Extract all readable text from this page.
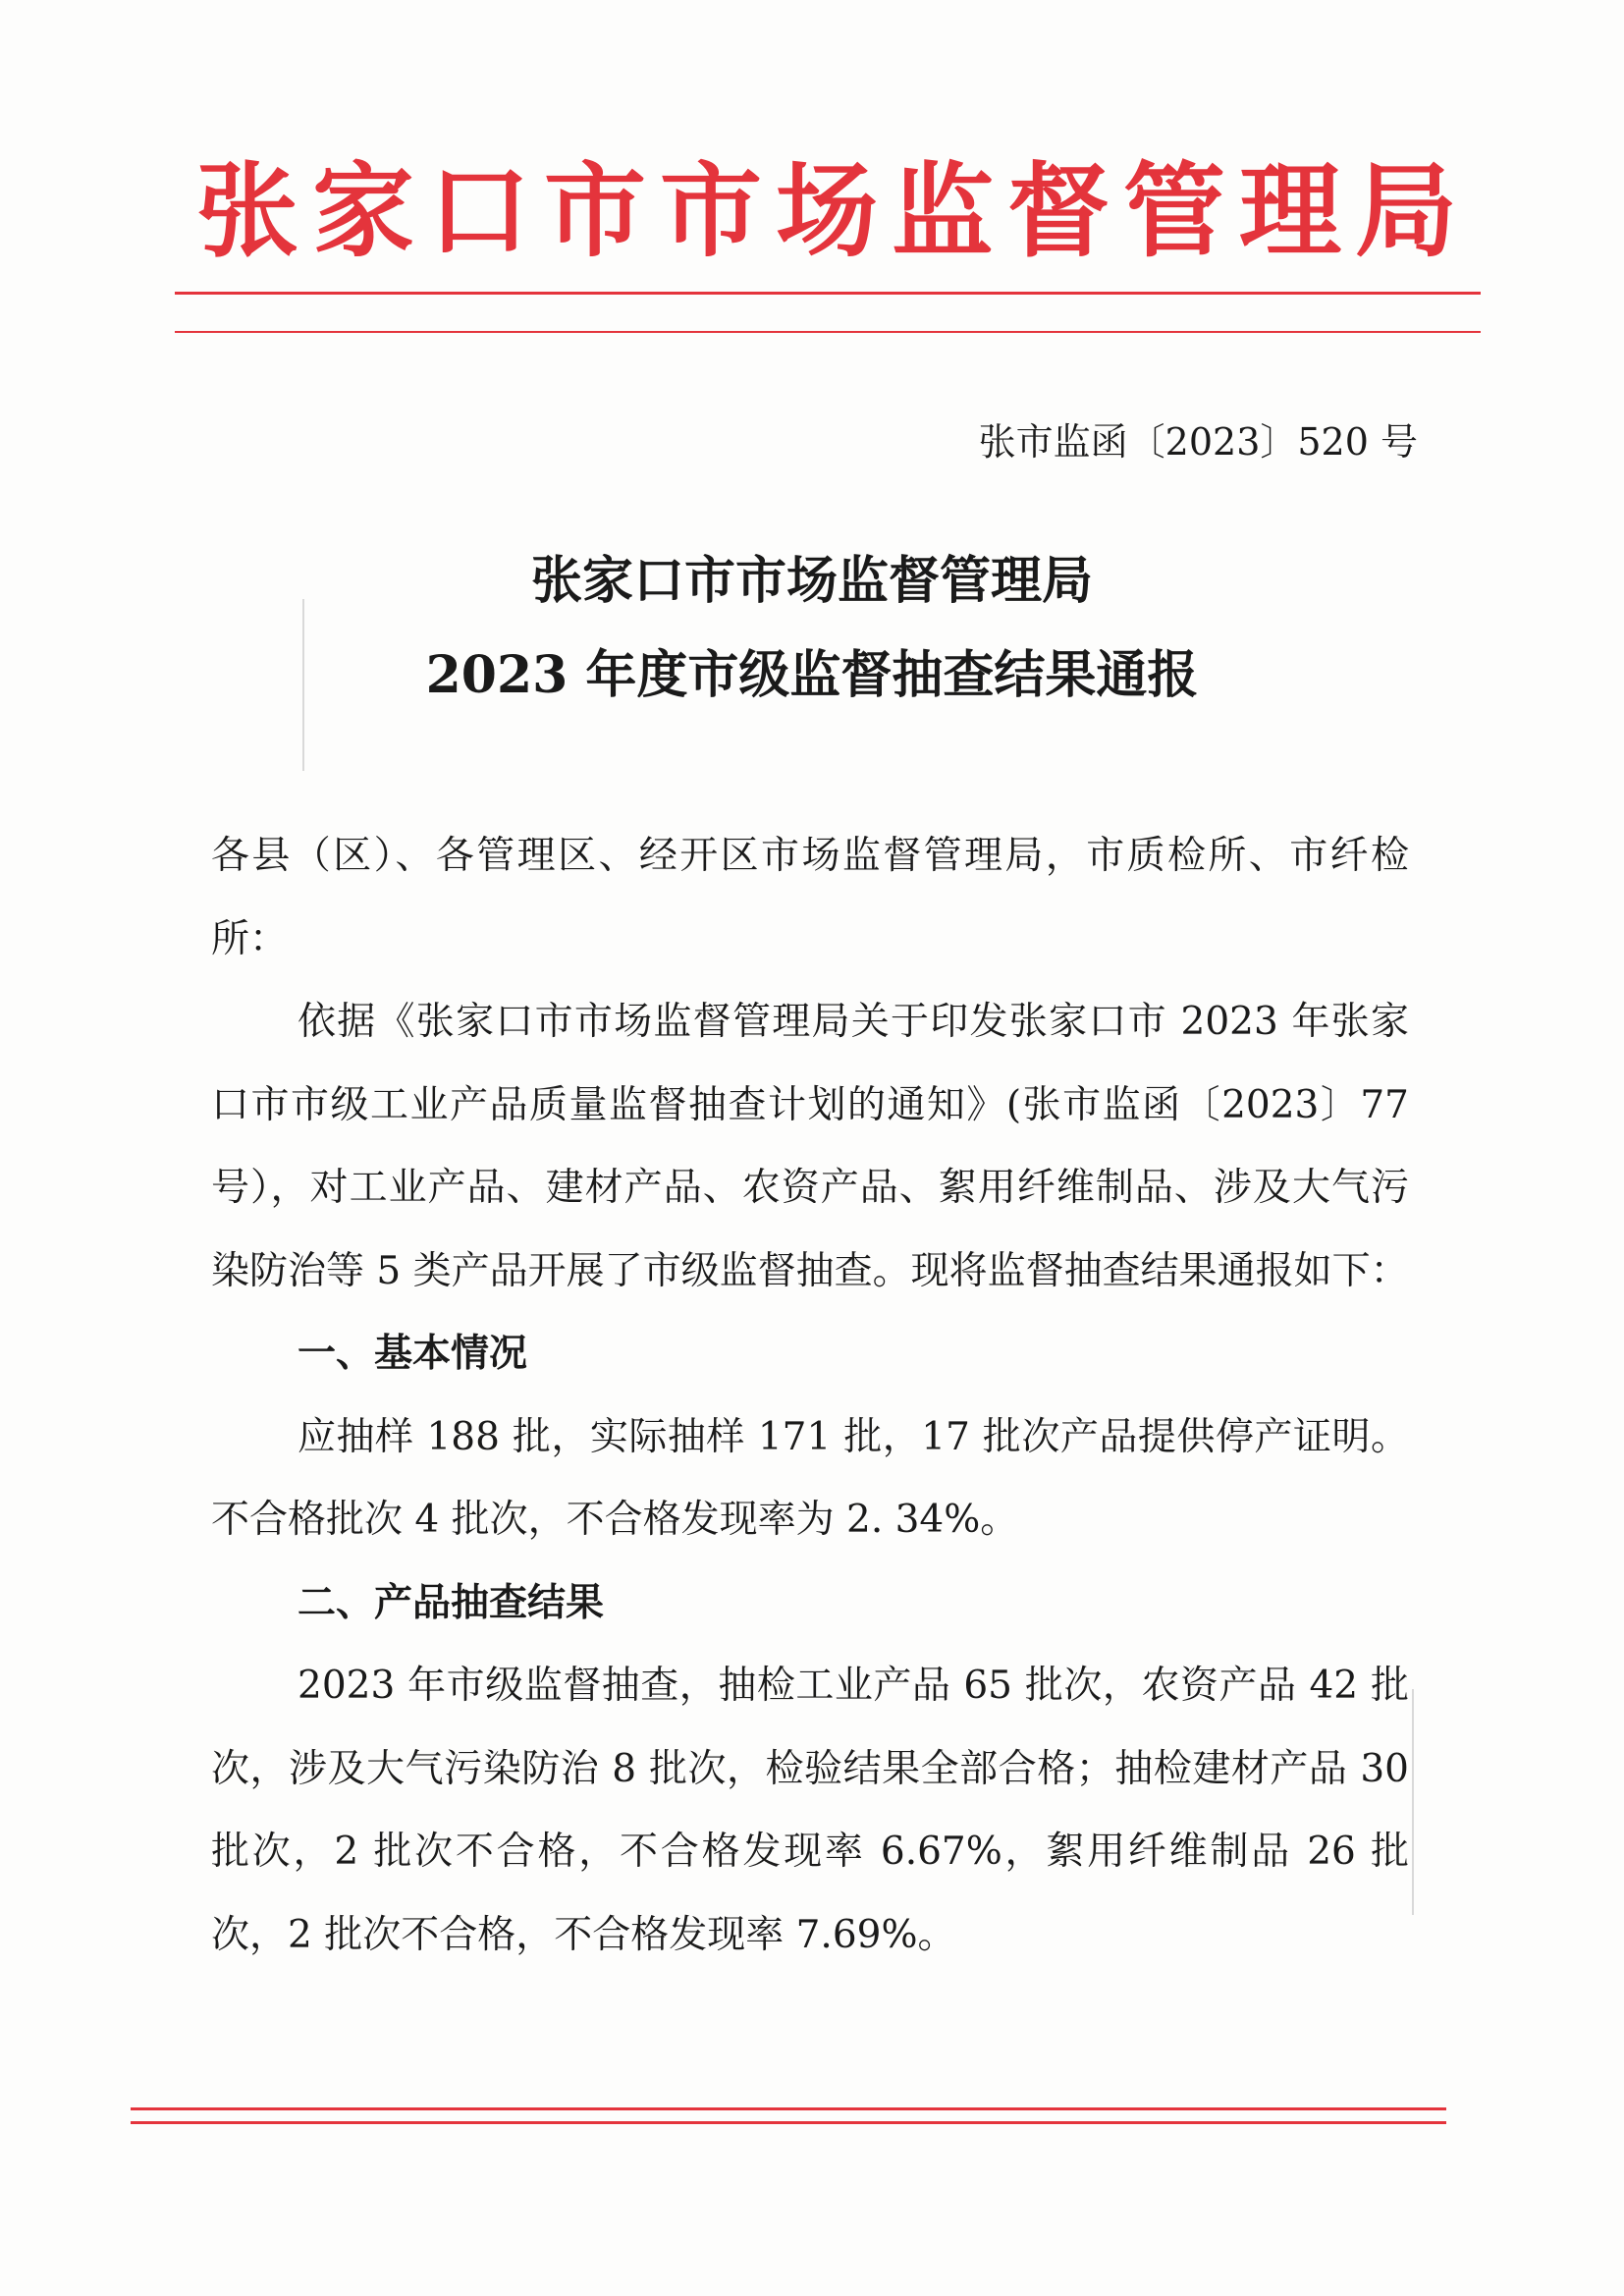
张家口市市场监督管理局
张市监函〔2023〕520 号
张家口市市场监督管理局
2023 年度市级监督抽查结果通报

各县（区）、各管理区、经开区市场监督管理局，市质检所、市纤检所：

依据《张家口市市场监督管理局关于印发张家口市 2023 年张家口市市级工业产品质量监督抽查计划的通知》(张市监函〔2023〕77 号），对工业产品、建材产品、农资产品、絮用纤维制品、涉及大气污染防治等 5 类产品开展了市级监督抽查。现将监督抽查结果通报如下：

一、基本情况

应抽样 188 批，实际抽样 171 批，17 批次产品提供停产证明。不合格批次 4 批次，不合格发现率为 2. 34%。

二、产品抽查结果

2023 年市级监督抽查，抽检工业产品 65 批次，农资产品 42 批次，涉及大气污染防治 8 批次，检验结果全部合格；抽检建材产品 30 批次，2 批次不合格，不合格发现率 6.67%，絮用纤维制品 26 批次，2 批次不合格，不合格发现率 7.69%。
